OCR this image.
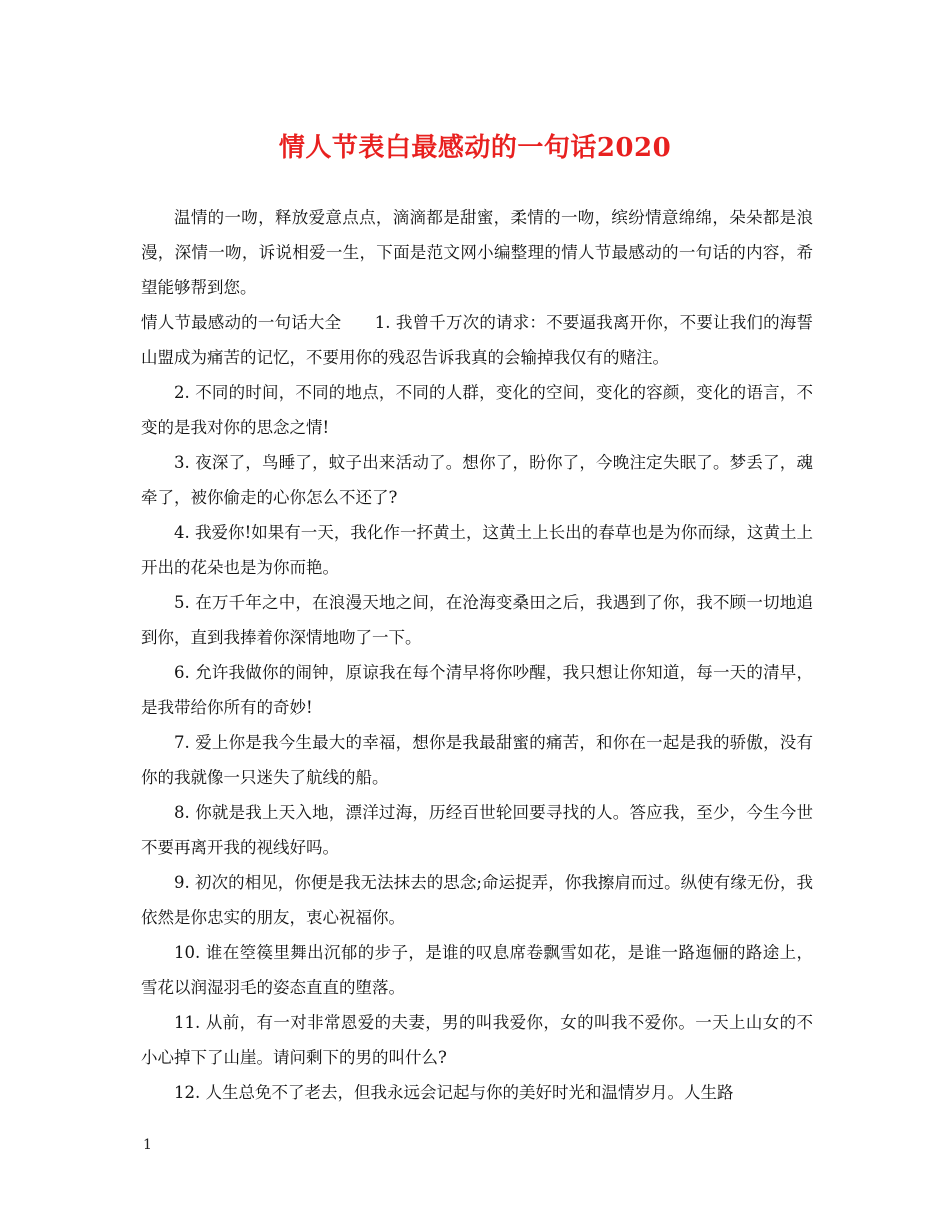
情人节表白最感动的一句话2020

温情的一吻，释放爱意点点，滴滴都是甜蜜，柔情的一吻，缤纷情意绵绵，朵朵都是浪漫，深情一吻，诉说相爱一生，下面是范文网小编整理的情人节最感动的一句话的内容，希望能够帮到您。

情人节最感动的一句话大全　　1. 我曾千万次的请求：不要逼我离开你，不要让我们的海誓山盟成为痛苦的记忆，不要用你的残忍告诉我真的会输掉我仅有的赌注。

2. 不同的时间，不同的地点，不同的人群，变化的空间，变化的容颜，变化的语言，不变的是我对你的思念之情!

3. 夜深了，鸟睡了，蚊子出来活动了。想你了，盼你了，今晚注定失眠了。梦丢了，魂牵了，被你偷走的心你怎么不还了?

4. 我爱你!如果有一天，我化作一抔黄土，这黄土上长出的春草也是为你而绿，这黄土上开出的花朵也是为你而艳。

5. 在万千年之中，在浪漫天地之间，在沧海变桑田之后，我遇到了你，我不顾一切地追到你，直到我捧着你深情地吻了一下。

6. 允许我做你的闹钟，原谅我在每个清早将你吵醒，我只想让你知道，每一天的清早，是我带给你所有的奇妙!

7. 爱上你是我今生最大的幸福，想你是我最甜蜜的痛苦，和你在一起是我的骄傲，没有你的我就像一只迷失了航线的船。

8. 你就是我上天入地，漂洋过海，历经百世轮回要寻找的人。答应我，至少，今生今世不要再离开我的视线好吗。

9. 初次的相见，你便是我无法抹去的思念;命运捉弄，你我擦肩而过。纵使有缘无份，我依然是你忠实的朋友，衷心祝福你。

10. 谁在箜篌里舞出沉郁的步子，是谁的叹息席卷飘雪如花，是谁一路迤俪的路途上，雪花以润湿羽毛的姿态直直的堕落。

11. 从前，有一对非常恩爱的夫妻，男的叫我爱你，女的叫我不爱你。一天上山女的不小心掉下了山崖。请问剩下的男的叫什么?

12. 人生总免不了老去，但我永远会记起与你的美好时光和温情岁月。人生路

1
